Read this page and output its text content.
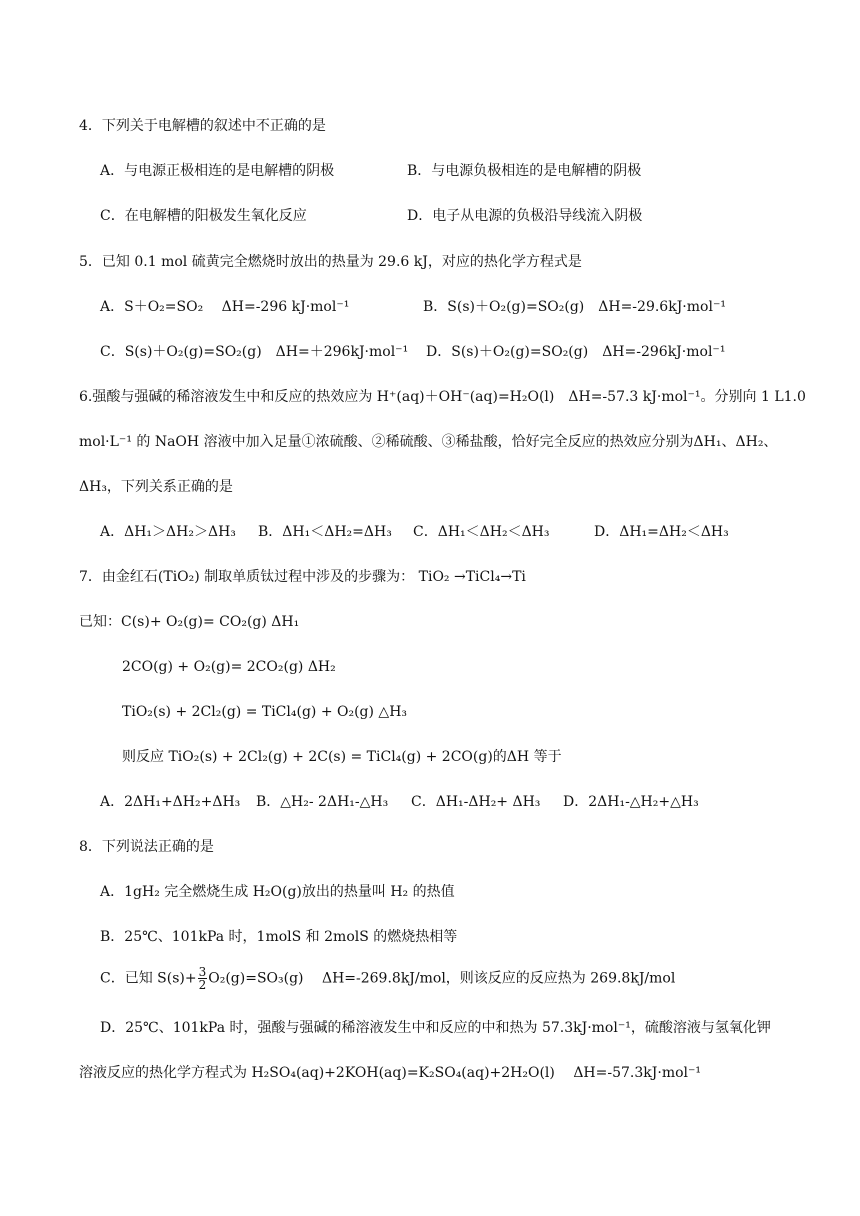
4．下列关于电解槽的叙述中不正确的是
A．与电源正极相连的是电解槽的阴极	B．与电源负极相连的是电解槽的阴极
C．在电解槽的阳极发生氧化反应	D．电子从电源的负极沿导线流入阴极
5．已知 0.1 mol 硫黄完全燃烧时放出的热量为 29.6 kJ，对应的热化学方程式是
A．S＋O₂=SO₂　 ΔH=-296 kJ·mol⁻¹	B．S(s)＋O₂(g)=SO₂(g)　ΔH=-29.6kJ·mol⁻¹
C．S(s)＋O₂(g)=SO₂(g)　ΔH=＋296kJ·mol⁻¹ D．S(s)＋O₂(g)=SO₂(g)　ΔH=-296kJ·mol⁻¹
6.强酸与强碱的稀溶液发生中和反应的热效应为 H⁺(aq)＋OH⁻(aq)=H₂O(l)　ΔH=-57.3 kJ·mol⁻¹。分别向 1 L1.0
mol·L⁻¹ 的 NaOH 溶液中加入足量①浓硫酸、②稀硫酸、③稀盐酸，恰好完全反应的热效应分别为ΔH₁、ΔH₂、
ΔH₃，下列关系正确的是
A．ΔH₁＞ΔH₂＞ΔH₃ B．ΔH₁＜ΔH₂=ΔH₃ C．ΔH₁＜ΔH₂＜ΔH₃	D．ΔH₁=ΔH₂＜ΔH₃
7．由金红石(TiO₂) 制取单质钛过程中涉及的步骤为： TiO₂ →TiCl₄→Ti
已知：C(s)+ O₂(g)= CO₂(g) ΔH₁
2CO(g) + O₂(g)= 2CO₂(g) ΔH₂
TiO₂(s) + 2Cl₂(g) = TiCl₄(g) + O₂(g) △H₃
则反应 TiO₂(s) + 2Cl₂(g) + 2C(s) = TiCl₄(g) + 2CO(g)的ΔH 等于
A．2ΔH₁+ΔH₂+ΔH₃ B．△H₂- 2ΔH₁-△H₃ C．ΔH₁-ΔH₂+ ΔH₃ D．2ΔH₁-△H₂+△H₃
8．下列说法正确的是
A．1gH₂ 完全燃烧生成 H₂O(g)放出的热量叫 H₂ 的热值
B．25℃、101kPa 时，1molS 和 2molS 的燃烧热相等
C．已知 $S(s)+ \frac{3}{2} O_2(g)=SO_3(g)$　 ΔH=-269.8kJ/mol，则该反应的反应热为 269.8kJ/mol
D．25℃、101kPa 时，强酸与强碱的稀溶液发生中和反应的中和热为 57.3kJ·mol⁻¹，硫酸溶液与氢氧化钾
溶液反应的热化学方程式为 H₂SO₄(aq)+2KOH(aq)=K₂SO₄(aq)+2H₂O(l)　 ΔH=-57.3kJ·mol⁻¹
